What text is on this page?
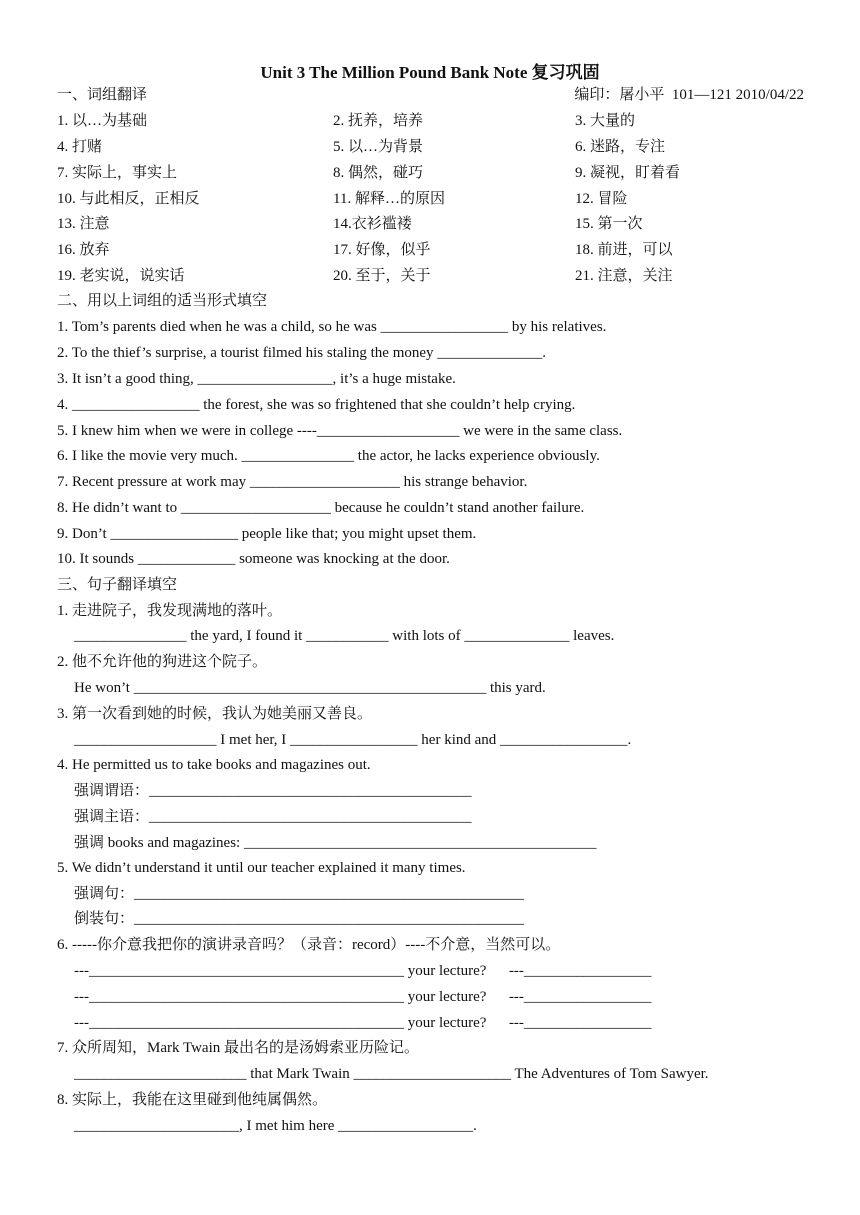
Unit 3 The Million Pound Bank Note 复习巩固
一、词组翻译	编印：屠小平  101—121 2010/04/22
1. 以…为基础	2. 抚养，培养	3. 大量的
4. 打赌	5. 以…为背景	6. 迷路，专注
7. 实际上，事实上	8. 偶然，碰巧	9. 凝视，盯着看
10. 与此相反，正相反	11. 解释…的原因	12. 冒险
13. 注意	14.衣衫褴褛	15. 第一次
16. 放弃	17. 好像，似乎	18. 前进，可以
19. 老实说，说实话	20. 至于，关于	21. 注意，关注
二、用以上词组的适当形式填空
1. Tom’s parents died when he was a child, so he was _________________ by his relatives.
2. To the thief’s surprise, a tourist filmed his staling the money ______________.
3. It isn’t a good thing, __________________, it’s a huge mistake.
4. _________________ the forest, she was so frightened that she couldn’t help crying.
5. I knew him when we were in college ----___________________ we were in the same class.
6. I like the movie very much. _______________ the actor, he lacks experience obviously.
7. Recent pressure at work may ____________________ his strange behavior.
8. He didn’t want to ____________________ because he couldn’t stand another failure.
9. Don’t _________________ people like that; you might upset them.
10. It sounds _____________ someone was knocking at the door.
三、句子翻译填空
1. 走进院子，我发现满地的落叶。
_______________ the yard, I found it ___________ with lots of ______________ leaves.
2. 他不允许他的狗进这个院子。
He won’t _______________________________________________ this yard.
3. 第一次看到她的时候，我认为她美丽又善良。
___________________ I met her, I _________________ her kind and _________________.
4. He permitted us to take books and magazines out.
强调谓语：___________________________________________
强调主语：___________________________________________
强调 books and magazines: _______________________________________________
5. We didn’t understand it until our teacher explained it many times.
强调句：____________________________________________________
倒装句：____________________________________________________
6. -----你介意我把你的演讲录音吗？（录音：record）----不介意，当然可以。
---__________________________________________ your lecture?      ---_________________
---__________________________________________ your lecture?      ---_________________
---__________________________________________ your lecture?      ---_________________
7. 众所周知，Mark Twain 最出名的是汤姆索亚历险记。
_______________________ that Mark Twain _____________________ The Adventures of Tom Sawyer.
8. 实际上，我能在这里碰到他纯属偶然。
______________________, I met him here __________________.
